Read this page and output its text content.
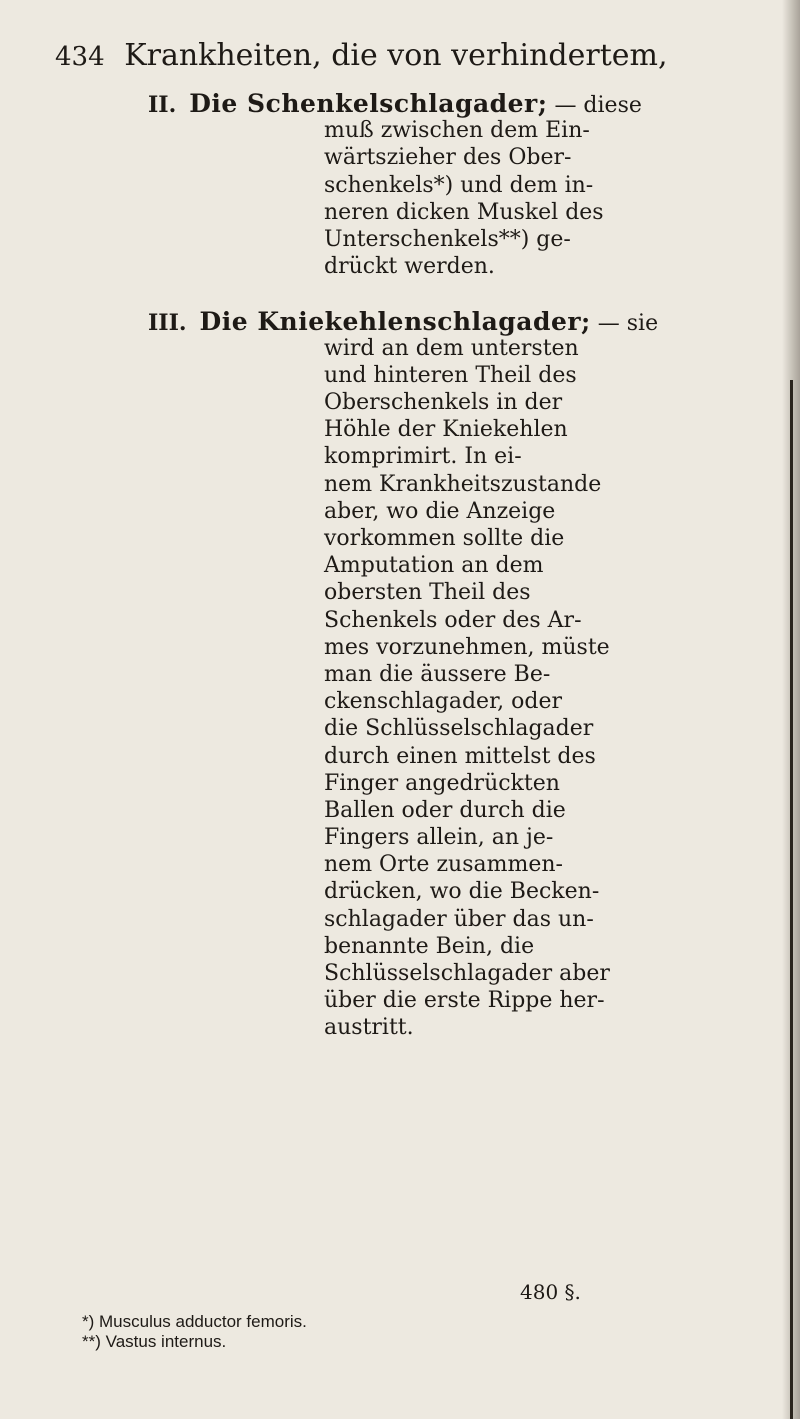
434 Krankheiten, die von verhindertem,
II. Die Schenkelschlagader; — diese
muß zwischen dem Ein-
wärtszieher des Ober-
schenkels*) und dem in-
neren dicken Muskel des
Unterschenkels**) ge-
drückt werden.
III. Die Kniekehlenschlagader; — sie
wird an dem untersten
und hinteren Theil des
Oberschenkels in der
Höhle der Kniekehlen
komprimirt. In ei-
nem Krankheitszustande
aber, wo die Anzeige
vorkommen sollte die
Amputation an dem
obersten Theil des
Schenkels oder des Ar-
mes vorzunehmen, müste
man die äussere Be-
ckenschlagader, oder
die Schlüsselschlagader
durch einen mittelst des
Finger angedrückten
Ballen oder durch die
Fingers allein, an je-
nem Orte zusammen-
drücken, wo die Becken-
schlagader über das un-
benannte Bein, die
Schlüsselschlagader aber
über die erste Rippe her-
austritt.
480 §.
*) Musculus adductor femoris.
**) Vastus internus.
